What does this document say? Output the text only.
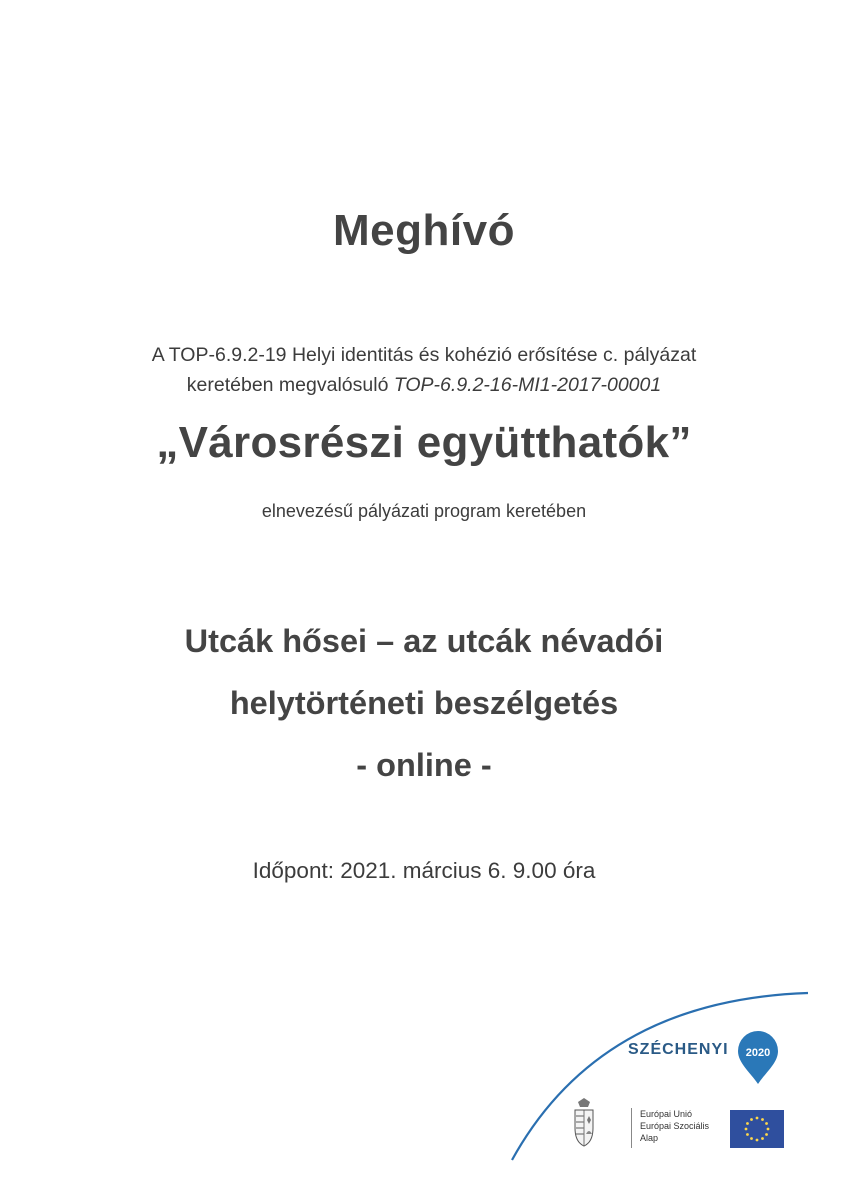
Meghívó
A TOP-6.9.2-19 Helyi identitás és kohézió erősítése c. pályázat
keretében megvalósuló TOP-6.9.2-16-MI1-2017-00001
„Városrészi együtthatók”
elnevezésű pályázati program keretében
Utcák hősei – az utcák névadói
helytörténeti beszélgetés
- online -
Időpont: 2021. március 6. 9.00 óra
SZÉCHENYI 2020
Európai Unió
Európai Szociális
Alap
